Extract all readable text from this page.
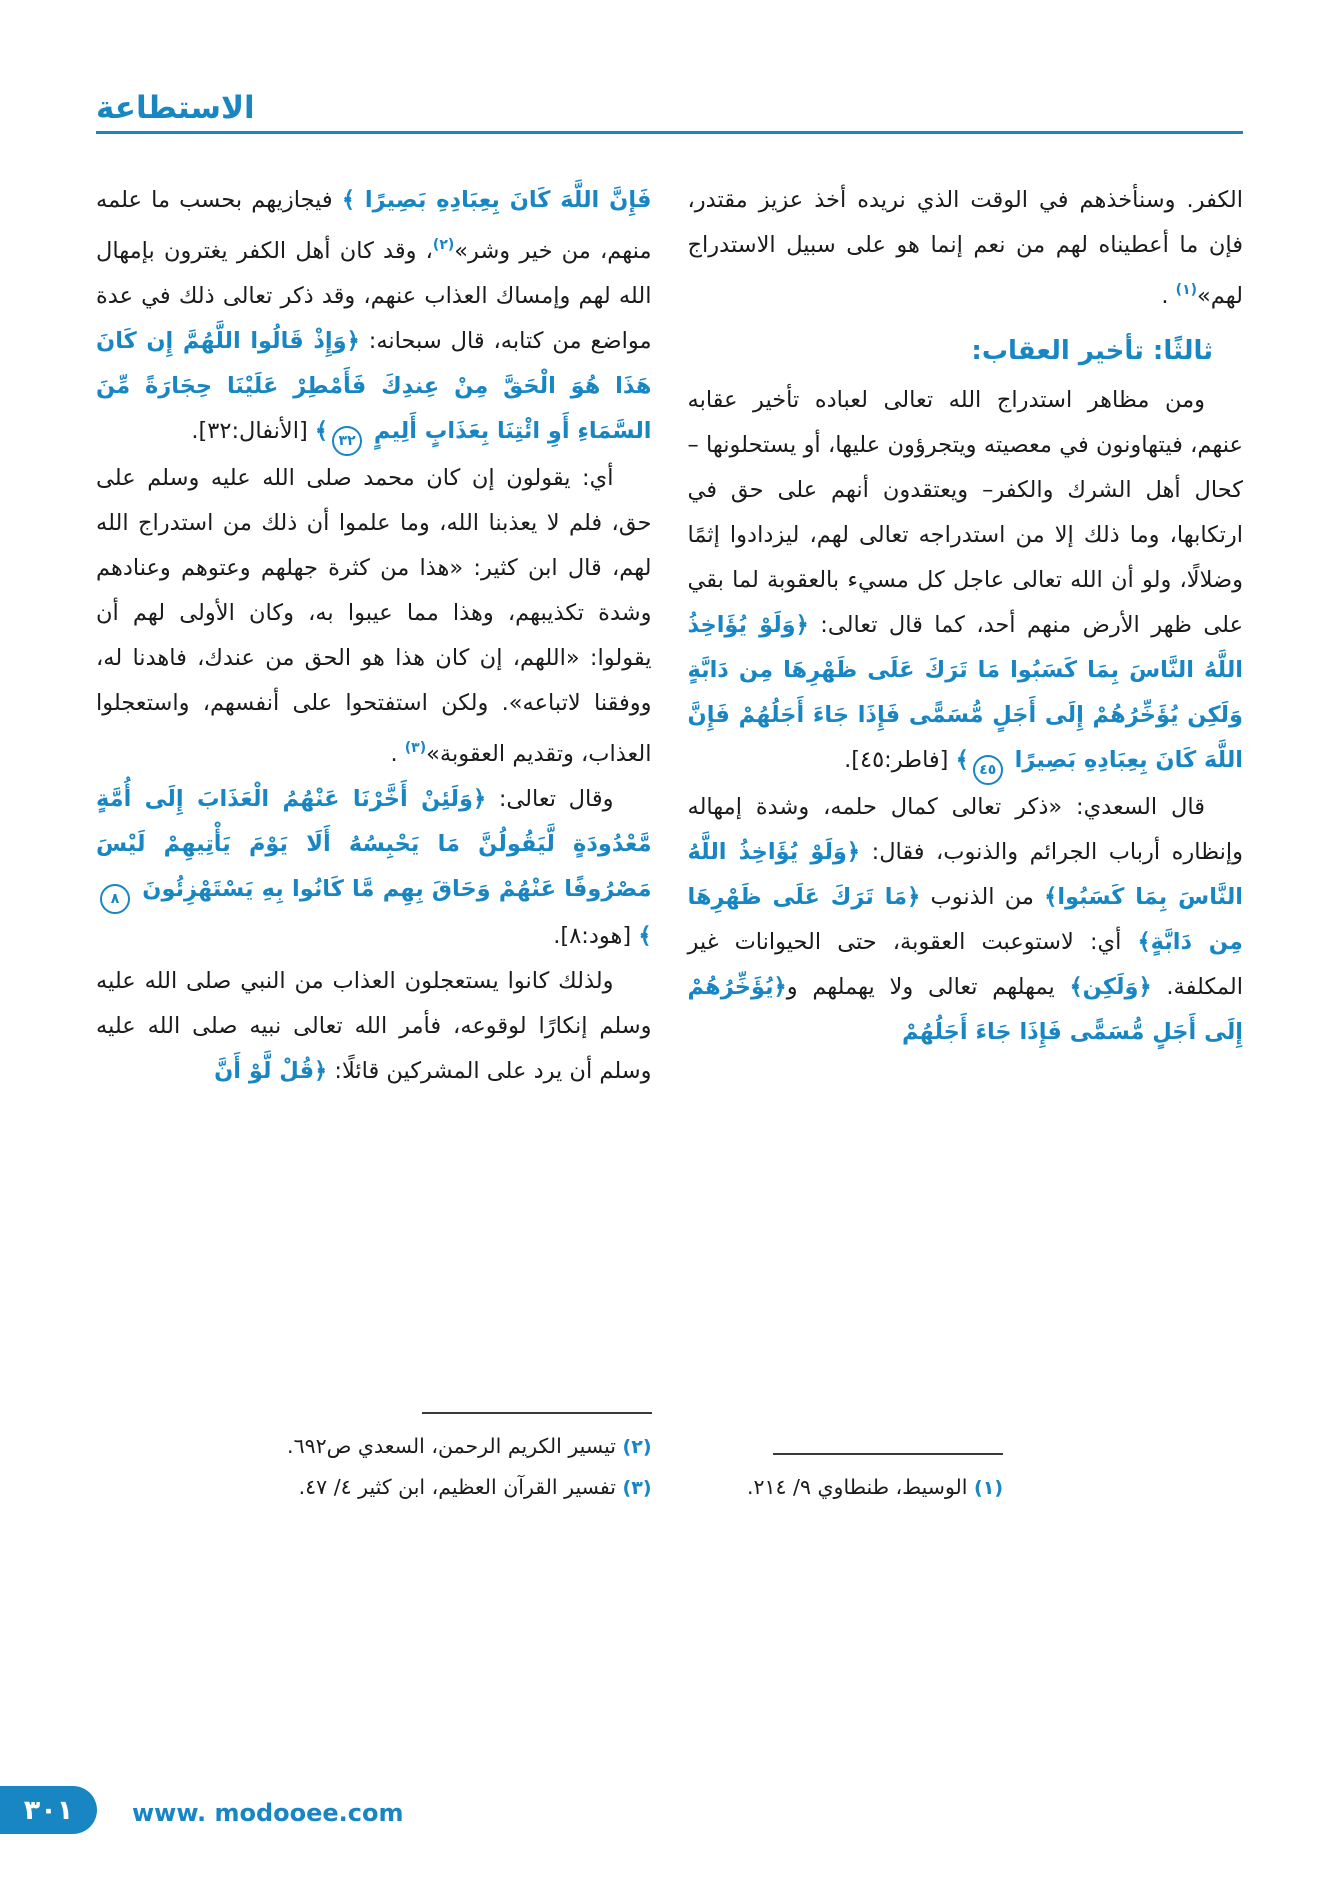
الاستطاعة
الكفر. وسنأخذهم في الوقت الذي نريده أخذ عزيز مقتدر، فإن ما أعطيناه لهم من نعم إنما هو على سبيل الاستدراج لهم»$^{(١)}$ .
ثالثًا: تأخير العقاب:
ومن مظاهر استدراج الله تعالى لعباده تأخير عقابه عنهم، فيتهاونون في معصيته ويتجرؤون عليها، أو يستحلونها –كحال أهل الشرك والكفر– ويعتقدون أنهم على حق في ارتكابها، وما ذلك إلا من استدراجه تعالى لهم، ليزدادوا إثمًا وضلالًا، ولو أن الله تعالى عاجل كل مسيء بالعقوبة لما بقي على ظهر الأرض منهم أحد، كما قال تعالى: ﴿وَلَوْ يُؤَاخِذُ اللَّهُ النَّاسَ بِمَا كَسَبُوا مَا تَرَكَ عَلَى ظَهْرِهَا مِن دَابَّةٍ وَلَكِن يُؤَخِّرُهُمْ إِلَى أَجَلٍ مُّسَمًّى فَإِذَا جَاءَ أَجَلُهُمْ فَإِنَّ اللَّهَ كَانَ بِعِبَادِهِ بَصِيرًا ٤٥﴾ [فاطر:٤٥].
قال السعدي: «ذكر تعالى كمال حلمه، وشدة إمهاله وإنظاره أرباب الجرائم والذنوب، فقال: ﴿وَلَوْ يُؤَاخِذُ اللَّهُ النَّاسَ بِمَا كَسَبُوا﴾ من الذنوب ﴿مَا تَرَكَ عَلَى ظَهْرِهَا مِن دَابَّةٍ﴾ أي: لاستوعبت العقوبة، حتى الحيوانات غير المكلفة. ﴿وَلَكِن﴾ يمهلهم تعالى ولا يهملهم و﴿يُؤَخِّرُهُمْ إِلَى أَجَلٍ مُّسَمًّى فَإِذَا جَاءَ أَجَلُهُمْ
(١) الوسيط، طنطاوي ٩/ ٢١٤.
فَإِنَّ اللَّهَ كَانَ بِعِبَادِهِ بَصِيرًا ﴾ فيجازيهم بحسب ما علمه منهم، من خير وشر»$^{(٢)}$، وقد كان أهل الكفر يغترون بإمهال الله لهم وإمساك العذاب عنهم، وقد ذكر تعالى ذلك في عدة مواضع من كتابه، قال سبحانه: ﴿وَإِذْ قَالُوا اللَّهُمَّ إِن كَانَ هَذَا هُوَ الْحَقَّ مِنْ عِندِكَ فَأَمْطِرْ عَلَيْنَا حِجَارَةً مِّنَ السَّمَاءِ أَوِ ائْتِنَا بِعَذَابٍ أَلِيمٍ ٣٢﴾ [الأنفال:٣٢].
أي: يقولون إن كان محمد صلى الله عليه وسلم على حق، فلم لا يعذبنا الله، وما علموا أن ذلك من استدراج الله لهم، قال ابن كثير: «هذا من كثرة جهلهم وعتوهم وعنادهم وشدة تكذيبهم، وهذا مما عيبوا به، وكان الأولى لهم أن يقولوا: «اللهم، إن كان هذا هو الحق من عندك، فاهدنا له، ووفقنا لاتباعه». ولكن استفتحوا على أنفسهم، واستعجلوا العذاب، وتقديم العقوبة»$^{(٣)}$ .
وقال تعالى: ﴿وَلَئِنْ أَخَّرْنَا عَنْهُمُ الْعَذَابَ إِلَى أُمَّةٍ مَّعْدُودَةٍ لَّيَقُولُنَّ مَا يَحْبِسُهُ أَلَا يَوْمَ يَأْتِيهِمْ لَيْسَ مَصْرُوفًا عَنْهُمْ وَحَاقَ بِهِم مَّا كَانُوا بِهِ يَسْتَهْزِئُونَ ٨﴾ [هود:٨].
ولذلك كانوا يستعجلون العذاب من النبي صلى الله عليه وسلم إنكارًا لوقوعه، فأمر الله تعالى نبيه صلى الله عليه وسلم أن يرد على المشركين قائلًا: ﴿قُلْ لَّوْ أَنَّ
(٢) تيسير الكريم الرحمن، السعدي ص٦٩٢.
(٣) تفسير القرآن العظيم، ابن كثير ٤/ ٤٧.
٣٠١ www. modooee.com
